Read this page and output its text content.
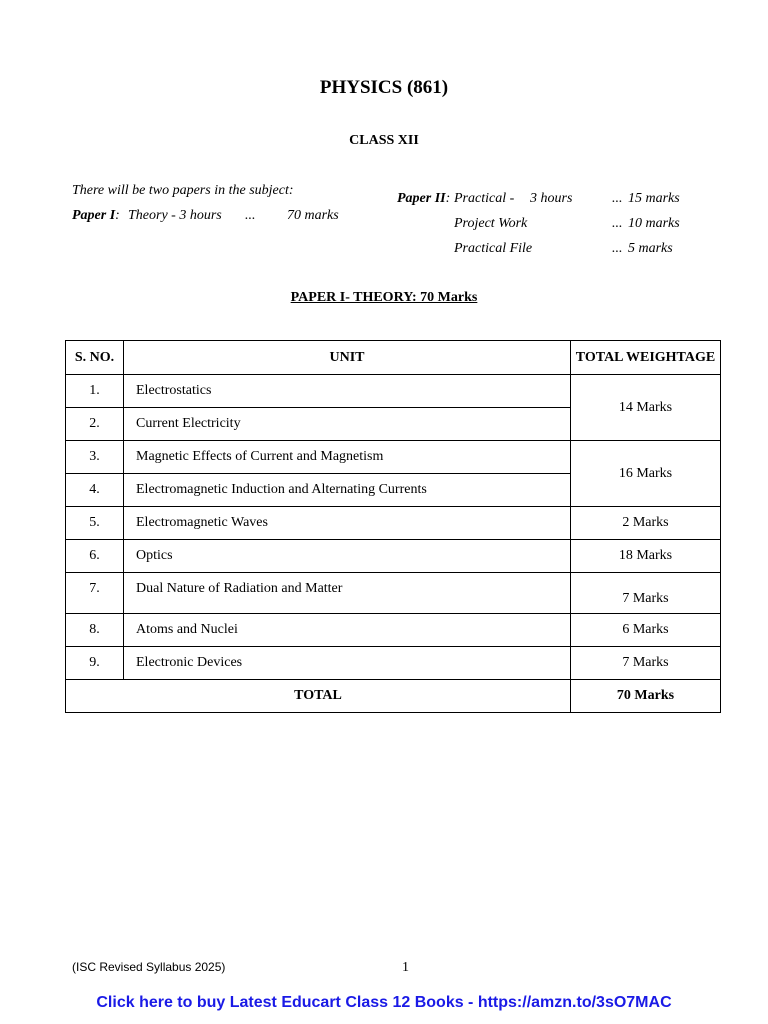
PHYSICS (861)
CLASS XII
There will be two papers in the subject:
Paper I: Theory - 3 hours ... 70 marks
Paper II: Practical - 3 hours	... 15 marks
Project Work	... 10 marks
Practical File	... 5 marks
PAPER I- THEORY: 70 Marks
S. NO.	UNIT	TOTAL WEIGHTAGE
1.	Electrostatics	14 Marks
2.	Current Electricity	
3.	Magnetic Effects of Current and Magnetism	16 Marks
4.	Electromagnetic Induction and Alternating Currents	
5.	Electromagnetic Waves	2 Marks
6.	Optics	18 Marks
7.	Dual Nature of Radiation and Matter	7 Marks
8.	Atoms and Nuclei	6 Marks
9.	Electronic Devices	7 Marks
TOTAL		70 Marks
(ISC Revised Syllabus 2025)	1
Click here to buy Latest Educart Class 12 Books - https://amzn.to/3sO7MAC
